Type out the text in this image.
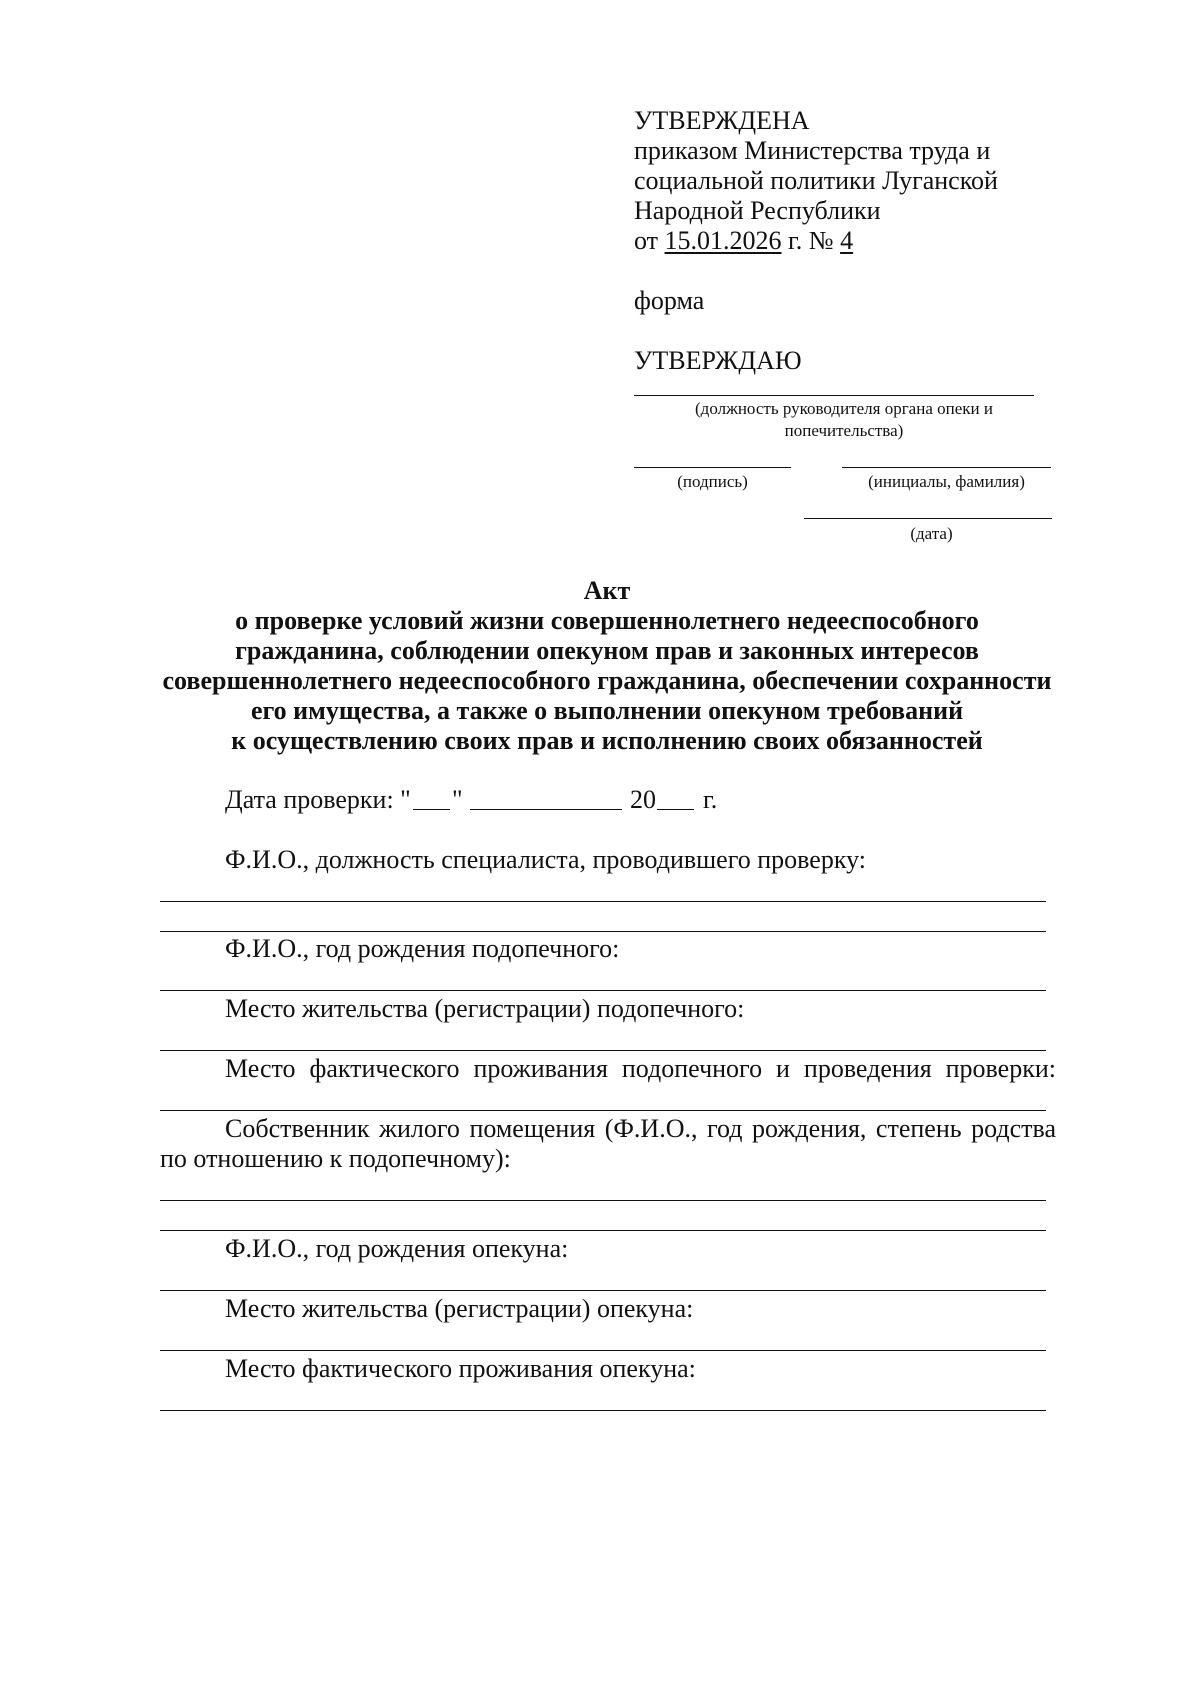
УТВЕРЖДЕНА
приказом Министерства труда и
социальной политики Луганской
Народной Республики
от 15.01.2026 г. № 4
форма
УТВЕРЖДАЮ
(должность руководителя органа опеки и
попечительства)
(подпись)	(инициалы, фамилия)
(дата)
Акт
о проверке условий жизни совершеннолетнего недееспособного
гражданина, соблюдении опекуном прав и законных интересов
совершеннолетнего недееспособного гражданина, обеспечении сохранности
его имущества, а также о выполнении опекуном требований
к осуществлению своих прав и исполнению своих обязанностей
Дата проверки: " "	20 г.
Ф.И.О., должность специалиста, проводившего проверку:
Ф.И.О., год рождения подопечного:
Место жительства (регистрации) подопечного:
Место фактического проживания подопечного и проведения проверки:
Собственник жилого помещения (Ф.И.О., год рождения, степень родства
по отношению к подопечному):
Ф.И.О., год рождения опекуна:
Место жительства (регистрации) опекуна:
Место фактического проживания опекуна:
